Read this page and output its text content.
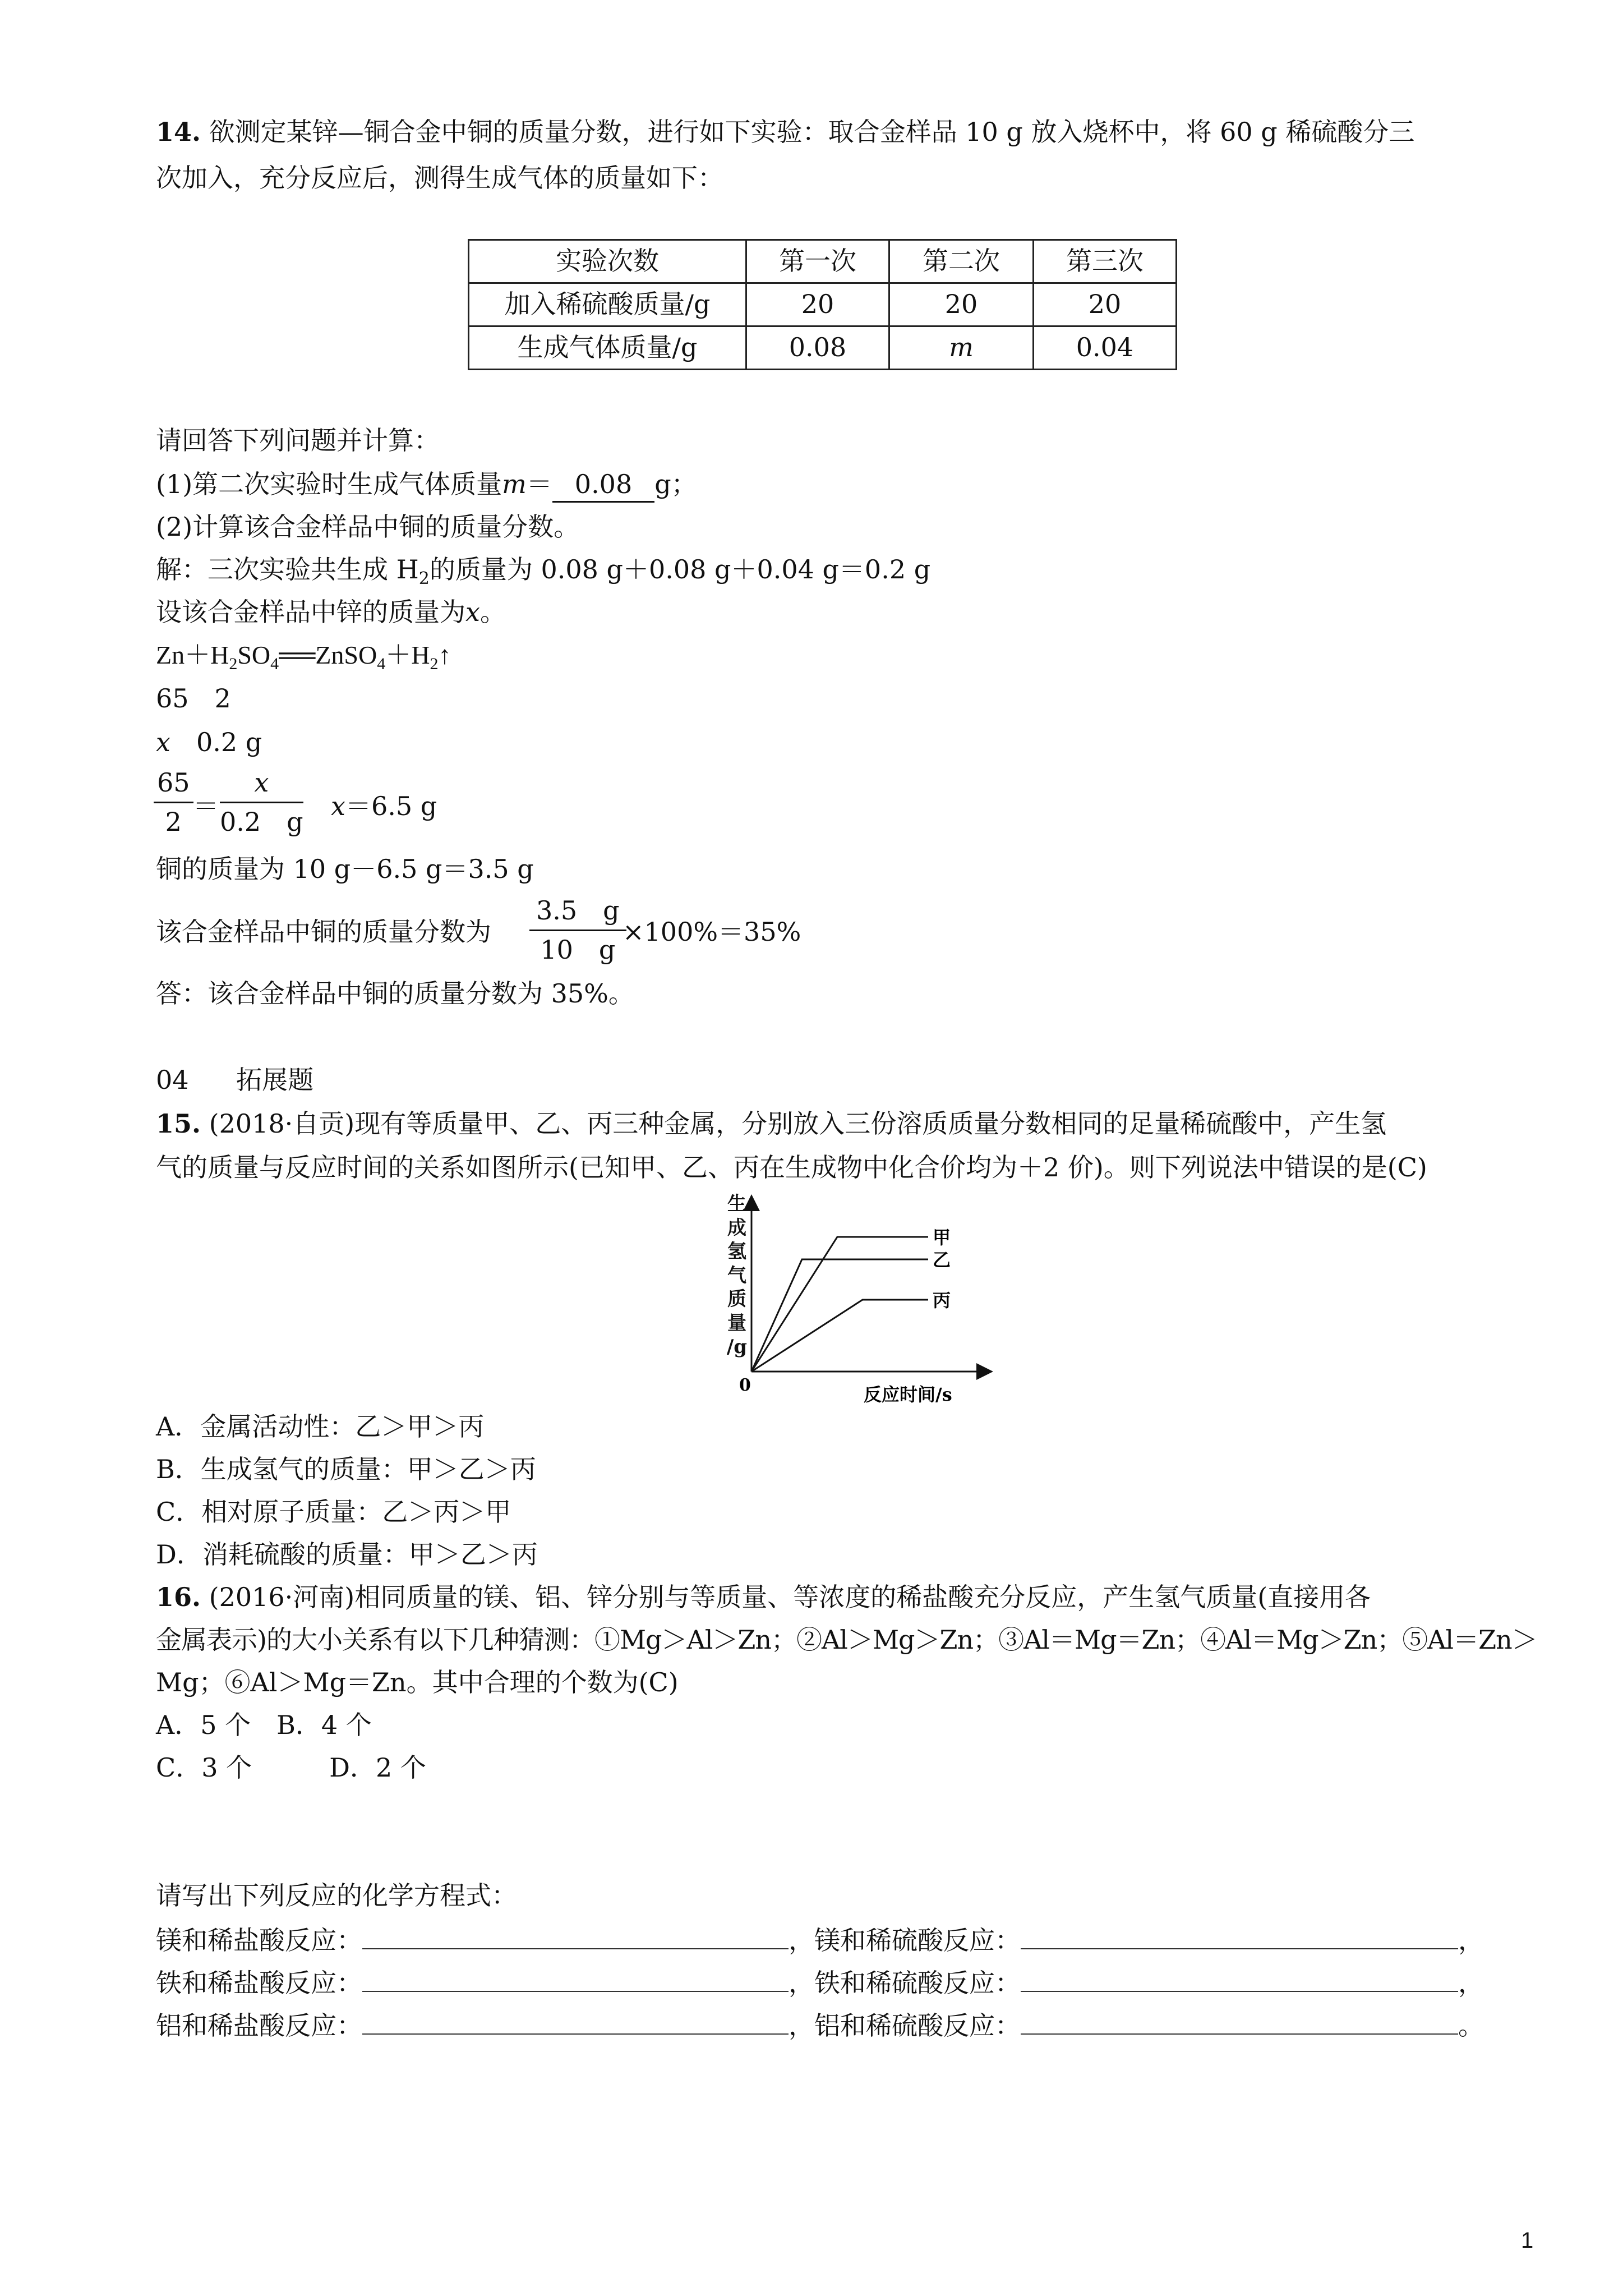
14. 欲测定某锌—铜合金中铜的质量分数，进行如下实验：取合金样品 10 g 放入烧杯中，将 60 g 稀硫酸分三
次加入，充分反应后，测得生成气体的质量如下：
实验次数	第一次	第二次	第三次
加入稀硫酸质量/g	20	20	20
生成气体质量/g	0.08	m	0.04
请回答下列问题并计算：
(1)第二次实验时生成气体质量m＝ 0.08 g；
(2)计算该合金样品中铜的质量分数。
解：三次实验共生成 $H_2$的质量为 0.08 g＋0.08 g＋0.04 g＝0.2 g
设该合金样品中锌的质量为x。
$Zn+H_2SO_4══ZnSO_4+H_2↑$
65　2
x　0.2 g
$\frac{65}{2} = \frac{x}{0.2 g} x=6.5$ g
铜的质量为 10 g－6.5 g＝3.5 g
该合金样品中铜的质量分数为 $\frac{3.5 g}{10 g}$
×100%＝35%
答：该合金样品中铜的质量分数为 35%。
04 拓展题
15. (2018·自贡)现有等质量甲、乙、丙三种金属，分别放入三份溶质质量分数相同的足量稀硫酸中，产生氢
气的质量与反应时间的关系如图所示(已知甲、乙、丙在生成物中化合价均为＋2 价)。则下列说法中错误的是(C)
0	反应时间/s
甲
乙
丙
生
成
氢
气
质
量
/g
A．金属活动性：乙＞甲＞丙
B．生成氢气的质量：甲＞乙＞丙
C．相对原子质量：乙＞丙＞甲
D．消耗硫酸的质量：甲＞乙＞丙
16. (2016·河南)相同质量的镁、铝、锌分别与等质量、等浓度的稀盐酸充分反应，产生氢气质量(直接用各
金属表示)的大小关系有以下几种猜测：①Mg＞Al＞Zn；②Al＞Mg＞Zn；③Al＝Mg＝Zn；④Al＝Mg＞Zn；⑤Al＝Zn＞
Mg；⑥Al＞Mg＝Zn。其中合理的个数为(C)
A．5 个　B．4 个
C．3 个　　　D．2 个
请写出下列反应的化学方程式：
镁和稀盐酸反应：	，镁和稀硫酸反应：	，
铁和稀盐酸反应：	，铁和稀硫酸反应：	，
铝和稀盐酸反应：	，铝和稀硫酸反应：	。
1
